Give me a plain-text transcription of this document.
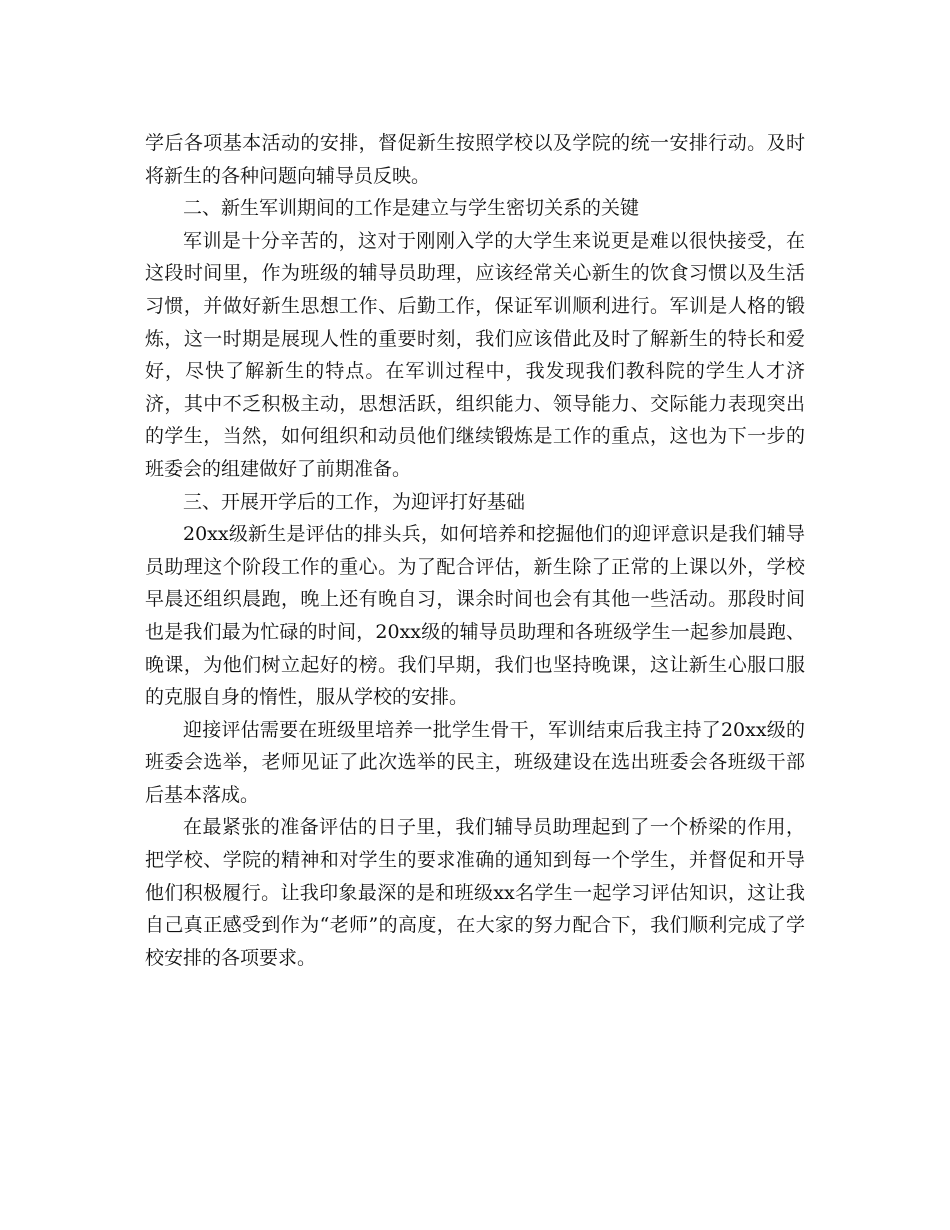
学后各项基本活动的安排，督促新生按照学校以及学院的统一安排行动。及时将新生的各种问题向辅导员反映。

二、新生军训期间的工作是建立与学生密切关系的关键

军训是十分辛苦的，这对于刚刚入学的大学生来说更是难以很快接受，在这段时间里，作为班级的辅导员助理，应该经常关心新生的饮食习惯以及生活习惯，并做好新生思想工作、后勤工作，保证军训顺利进行。军训是人格的锻炼，这一时期是展现人性的重要时刻，我们应该借此及时了解新生的特长和爱好，尽快了解新生的特点。在军训过程中，我发现我们教科院的学生人才济济，其中不乏积极主动，思想活跃，组织能力、领导能力、交际能力表现突出的学生，当然，如何组织和动员他们继续锻炼是工作的重点，这也为下一步的班委会的组建做好了前期准备。

三、开展开学后的工作，为迎评打好基础

20xx级新生是评估的排头兵，如何培养和挖掘他们的迎评意识是我们辅导员助理这个阶段工作的重心。为了配合评估，新生除了正常的上课以外，学校早晨还组织晨跑，晚上还有晚自习，课余时间也会有其他一些活动。那段时间也是我们最为忙碌的时间，20xx级的辅导员助理和各班级学生一起参加晨跑、晚课，为他们树立起好的榜。我们早期，我们也坚持晚课，这让新生心服口服的克服自身的惰性，服从学校的安排。

迎接评估需要在班级里培养一批学生骨干，军训结束后我主持了20xx级的班委会选举，老师见证了此次选举的民主，班级建设在选出班委会各班级干部后基本落成。

在最紧张的准备评估的日子里，我们辅导员助理起到了一个桥梁的作用，把学校、学院的精神和对学生的要求准确的通知到每一个学生，并督促和开导他们积极履行。让我印象最深的是和班级xx名学生一起学习评估知识，这让我自己真正感受到作为“老师”的高度，在大家的努力配合下，我们顺利完成了学校安排的各项要求。
